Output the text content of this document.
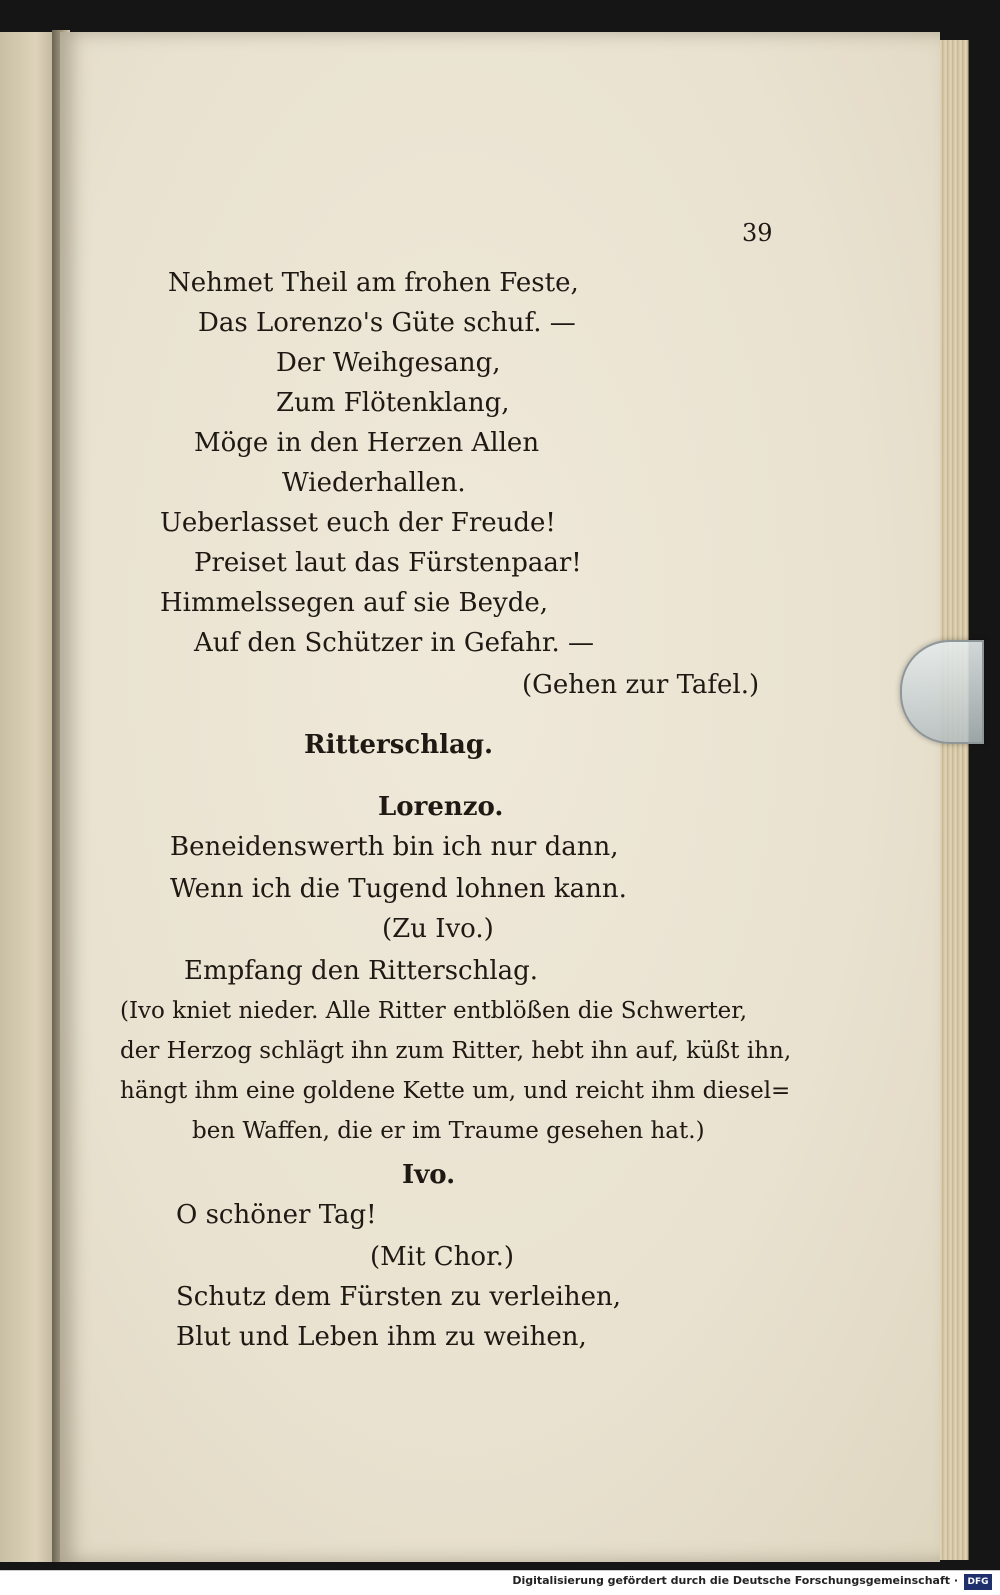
39
Nehmet Theil am frohen Feste,
Das Lorenzo's Güte schuf. —
Der Weihgesang,
Zum Flötenklang,
Möge in den Herzen Allen
Wiederhallen.
Ueberlasset euch der Freude!
Preiset laut das Fürstenpaar!
Himmelssegen auf sie Beyde,
Auf den Schützer in Gefahr. —
(Gehen zur Tafel.)
Ritterschlag.
Lorenzo.
Beneidenswerth bin ich nur dann,
Wenn ich die Tugend lohnen kann.
(Zu Ivo.)
Empfang den Ritterschlag.
(Ivo kniet nieder. Alle Ritter entblößen die Schwerter,
der Herzog schlägt ihn zum Ritter, hebt ihn auf, küßt ihn,
hängt ihm eine goldene Kette um, und reicht ihm diesel=
ben Waffen, die er im Traume gesehen hat.)
Ivo.
O schöner Tag!
(Mit Chor.)
Schutz dem Fürsten zu verleihen,
Blut und Leben ihm zu weihen,
Digitalisierung gefördert durch die Deutsche Forschungsgemeinschaft ·	DFG
